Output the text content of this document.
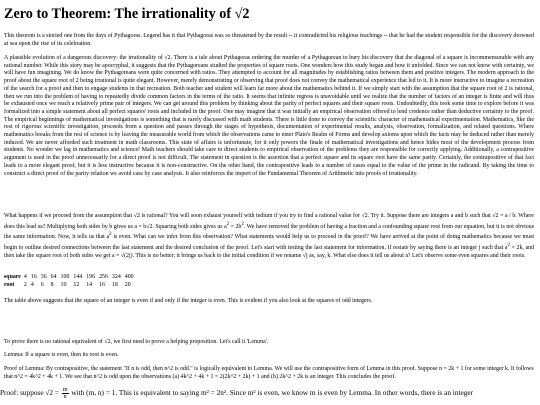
Zero to Theorem: The irrationality of √2

This theorem is a storied one from the days of Pythagoras. Legend has it that Pythagoras was so threatened by the result -- it contradicted his religious teachings -- that he had the student responsible for the discovery drowned at sea upon the rise of its celebration.

A plausible evolution of a dangerous discovery: the irrationality of √2. There is a tale about Pythagoras ordering the murder of a Pythagorean to bury his discovery that the diagonal of a square is incommensurable with any rational number. While this story may be apocryphal, it suggests that the Pythagoreans studied the properties of square roots. One wonders how this study began and how it unfolded. Since we can not know with certainty, we will have fun imagining. We do know the Pythagoreans were quite concerned with ratios. They attempted to account for all magnitudes by establishing ratios between them and positive integers. The modern approach to the proof about the square root of 2 being irrational is quite elegant. However, merely demonstrating or observing that proof does not convey the mathematical experience that led to it. It is more instructive to imagine a recreation of the search for a proof and then to engage students in that recreation. Both teacher and student will learn far more about the mathematics behind it. If we simply start with the assumption that the square root of 2 is rational, then we run into the problem of having to repeatedly divide common factors in the terms of the ratio. It seems that infinite regress is unavoidable until we realize that the number of factors of an integer is finite and will thus be exhausted once we reach a relatively prime pair of integers. We can get around this problem by thinking about the parity of perfect squares and their square roots. Undoubtedly, this took some time to explore before it was formalized into a simple statement about all perfect squares' roots and included in the proof. One may imagine that it was initially an empirical observation offered to lend credence rather than deductive certainty to the proof. The empirical beginnings of mathematical investigations is something that is rarely discussed with math students. There is little done to convey the scientific character of mathematical experimentation. Mathematics, like the rest of rigorous scientific investigation, proceeds from a question and passes through the stages of hypothesis, documentation of experimental results, analysis, observation, formalization, and related questions. Where mathematics breaks from the rest of science is by leaving the measurable world from which the observations came to enter Plato's Realm of Forms and develop axioms upon which the facts may be deduced rather than merely induced. We are never afforded such treatment in math classrooms. This state of affairs is unfortunate, for it only powers the finale of mathematical investigations and hence hides most of the development process from students. No wonder we lag in mathematics and science! Math teachers should take care to direct students to empirical observation of the problems they are responsible for correctly applying. Additionally, a contrapositive argument is used in the proof unnecessarily for a direct proof is not difficult. The statement in question is the assertion that a perfect square and its square root have the same parity. Certainly, the contrapositive of that fact leads to a more elegant proof, but it is less instructive because it is non-constructive. On the other hand, the contrapositive leads to a number of cases equal to the value of the prime in the radicand. By taking the time to construct a direct proof of the parity relation we avoid case by case analysis. It also reinforces the import of the Fundamental Theorem of Arithmetic into proofs of irrationality.

What happens if we proceed from the assumption that √2 is rational? You will soon exhaust yourself with tedium if you try to find a rational value for √2. Try it. Suppose there are integers a and b such that √2 = a / b. Where does this lead us? Multiplying both sides by b gives us a = b√2. Squaring both sides gives us $a^2 = 2b^2$. We have removed the problem of having a fraction and a confounding square root from our equation, but it is not obvious the same information. Now, it tells us that $a^2$ is even. What can we infer from this observation? What statements would help us to proceed in the proof? We have arrived at the point of doing mathematics because we must begin to outline desired connections between the last statement and the desired conclusion of the proof. Let's start with testing the last statement for information. If restate by saying there is an integer j such that $a^2 = 2k$, and then take the square root of both sides we get a = √(2j). This is no better; it brings us back to the initial condition if we rename √j as, say, k. What else does it tell us about a? Let's observe some even squares and their roots.

square	4	16	36	64	100	144	196	256	324	400
root	2	4	6	8	10	12	14	16	18	20

The table above suggests that the square of an integer is even if and only if the integer is even. This is evident if you also look at the squares of odd integers.

To prove there is no rational equivalent of √2, we first need to prove a helping proposition. Let's call it 'Lemma'.

Lemma: If a square is even, then its root is even.

Proof of Lemma: By contrapositive, the statement "If n is odd, then n^2 is odd." is logically equivalent to Lemma. We will use the contrapositive form of Lemma in this proof. Suppose n = 2k + 1 for some integer k. It follows that n^2 = 4k^2 + 4k + 1. We see that n^2 is odd upon the observations (a) 4k^2 + 4k + 1 = 2(2k^2 + 2k) + 1 and (b) 2k^2 + 2k is an integer. This concludes the proof.

Proof: suppose $√2 = \frac{m}{n}$ with (m, n) = 1. This is equivalent to saying m² = 2n². Since m² is even, we know m is even by Lemma. In other words, there is an integer
